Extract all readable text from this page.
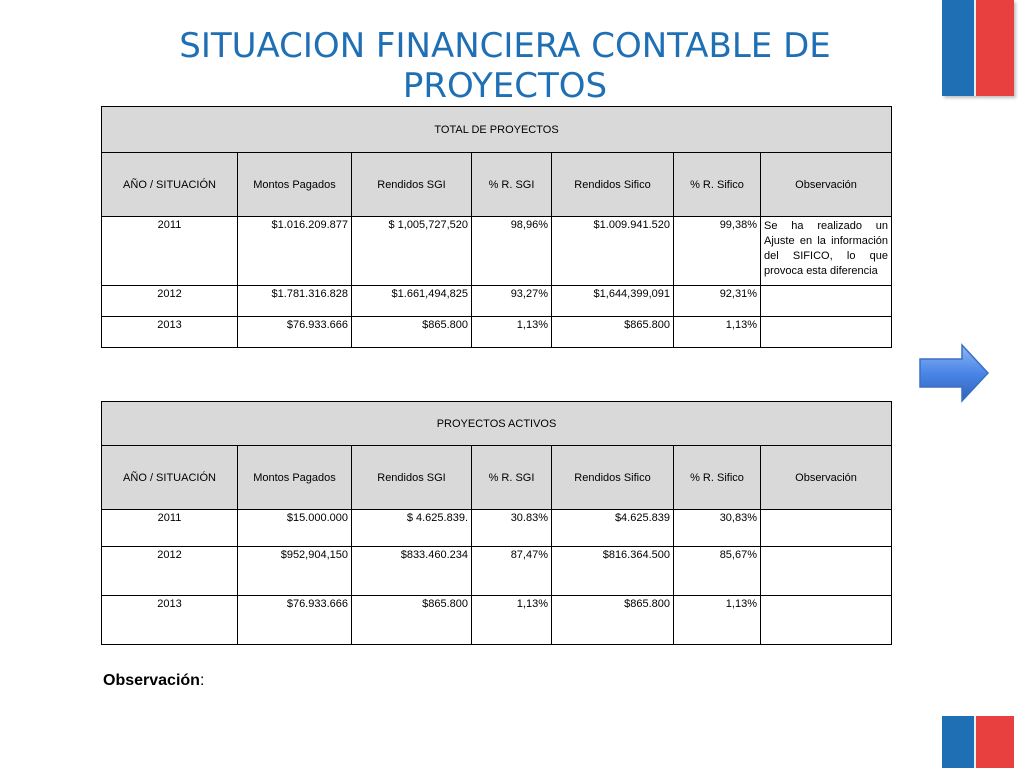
SITUACION FINANCIERA CONTABLE DE PROYECTOS
TOTAL DE PROYECTOS						
AÑO / SITUACIÓN	Montos Pagados	Rendidos SGI	% R. SGI	Rendidos Sifico	% R. Sifico	Observación
2011	$1.016.209.877	$ 1,005,727,520	98,96%	$1.009.941.520	99,38%	Se ha realizado un Ajuste en la información del SIFICO, lo que provoca esta diferencia
2012	$1.781.316.828	$1.661,494,825	93,27%	$1,644,399,091	92,31%	
2013	$76.933.666	$865.800	1,13%	$865.800	1,13%	
PROYECTOS ACTIVOS						
AÑO / SITUACIÓN	Montos Pagados	Rendidos SGI	% R. SGI	Rendidos Sifico	% R. Sifico	Observación
2011	$15.000.000	$ 4.625.839.	30.83%	$4.625.839	30,83%	
2012	$952,904,150	$833.460.234	87,47%	$816.364.500	85,67%	
2013	$76.933.666	$865.800	1,13%	$865.800	1,13%	
Observación:
